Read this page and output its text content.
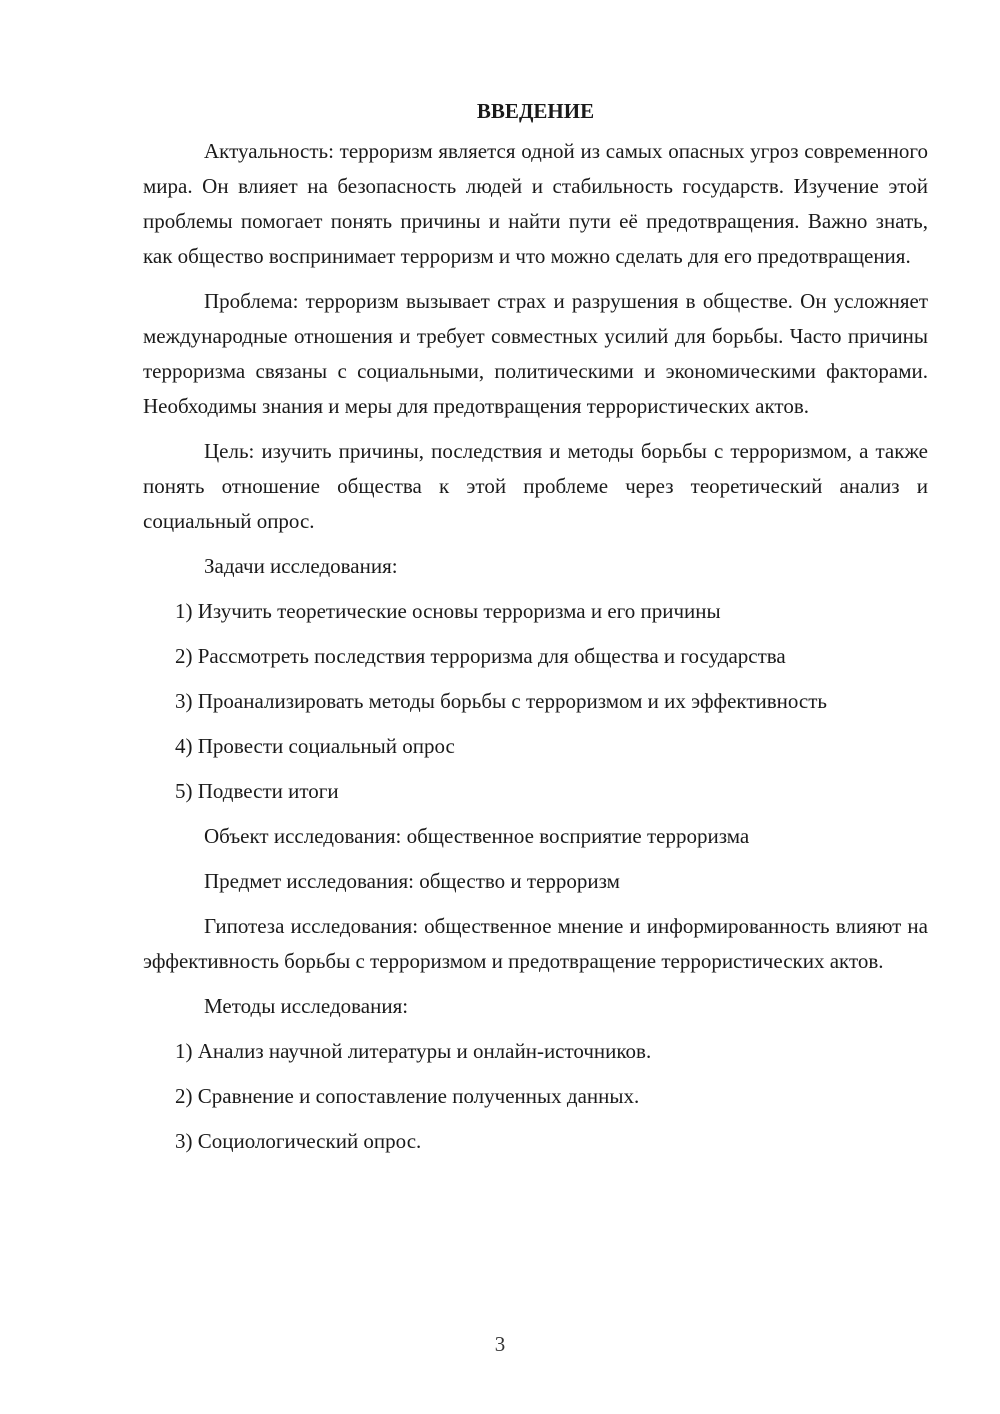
ВВЕДЕНИЕ

Актуальность: терроризм является одной из самых опасных угроз современного мира. Он влияет на безопасность людей и стабильность государств. Изучение этой проблемы помогает понять причины и найти пути её предотвращения. Важно знать, как общество воспринимает терроризм и что можно сделать для его предотвращения.

Проблема: терроризм вызывает страх и разрушения в обществе. Он усложняет международные отношения и требует совместных усилий для борьбы. Часто причины терроризма связаны с социальными, политическими и экономическими факторами. Необходимы знания и меры для предотвращения террористических актов.

Цель: изучить причины, последствия и методы борьбы с терроризмом, а также понять отношение общества к этой проблеме через теоретический анализ и социальный опрос.

Задачи исследования:

1) Изучить теоретические основы терроризма и его причины

2) Рассмотреть последствия терроризма для общества и государства

3) Проанализировать методы борьбы с терроризмом и их эффективность

4) Провести социальный опрос

5) Подвести итоги

Объект исследования: общественное восприятие терроризма

Предмет исследования: общество и терроризм

Гипотеза исследования: общественное мнение и информированность влияют на эффективность борьбы с терроризмом и предотвращение террористических актов.

Методы исследования:

1) Анализ научной литературы и онлайн-источников.

2) Сравнение и сопоставление полученных данных.

3) Социологический опрос.

3
